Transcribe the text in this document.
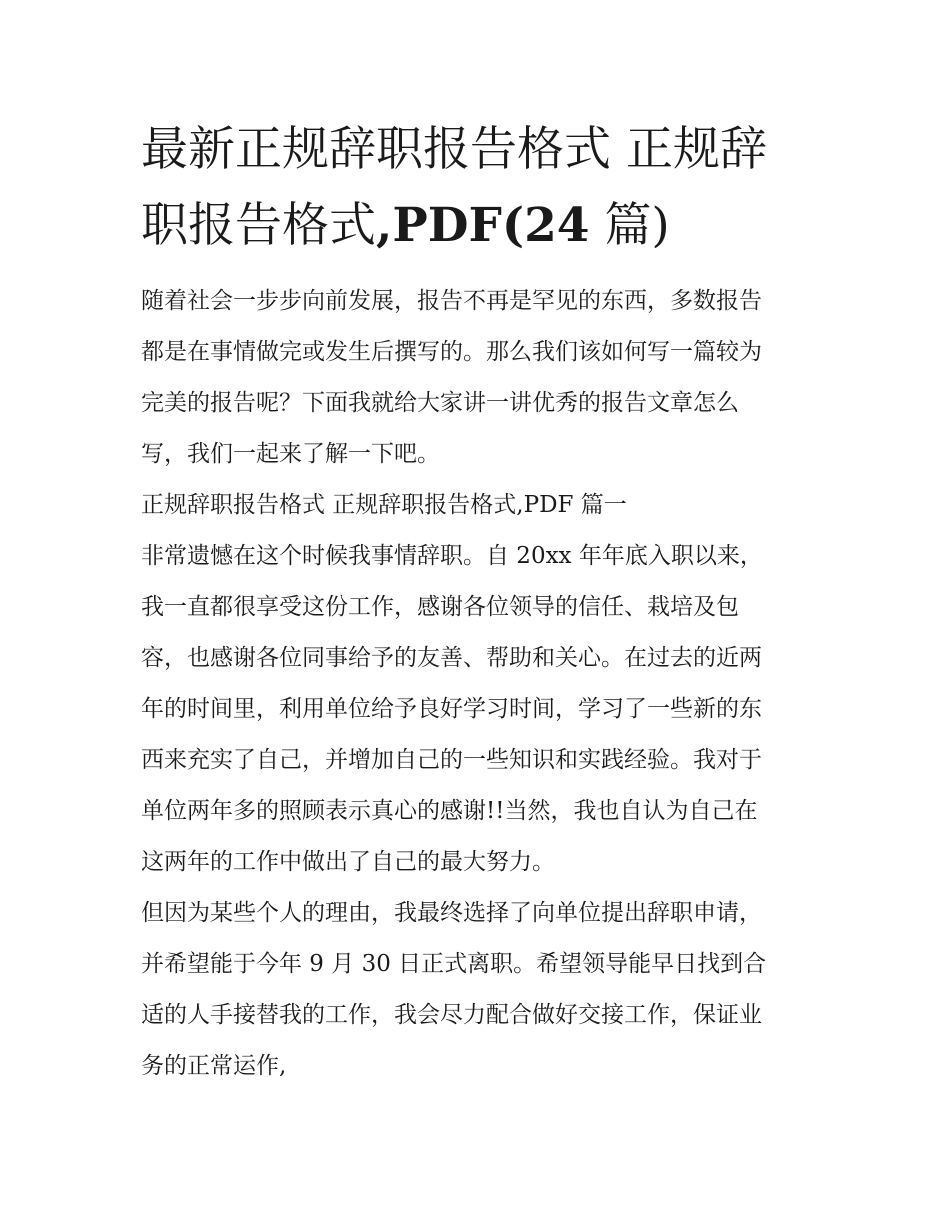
最新正规辞职报告格式 正规辞
职报告格式,PDF(24 篇)
随着社会一步步向前发展，报告不再是罕见的东西，多数报告
都是在事情做完或发生后撰写的。那么我们该如何写一篇较为
完美的报告呢？下面我就给大家讲一讲优秀的报告文章怎么
写，我们一起来了解一下吧。
正规辞职报告格式 正规辞职报告格式,PDF 篇一
非常遗憾在这个时候我事情辞职。自 20xx 年年底入职以来，
我一直都很享受这份工作，感谢各位领导的信任、栽培及包
容，也感谢各位同事给予的友善、帮助和关心。在过去的近两
年的时间里，利用单位给予良好学习时间，学习了一些新的东
西来充实了自己，并增加自己的一些知识和实践经验。我对于
单位两年多的照顾表示真心的感谢!!当然，我也自认为自己在
这两年的工作中做出了自己的最大努力。
但因为某些个人的理由，我最终选择了向单位提出辞职申请，
并希望能于今年 9 月 30 日正式离职。希望领导能早日找到合
适的人手接替我的工作，我会尽力配合做好交接工作，保证业
务的正常运作,
